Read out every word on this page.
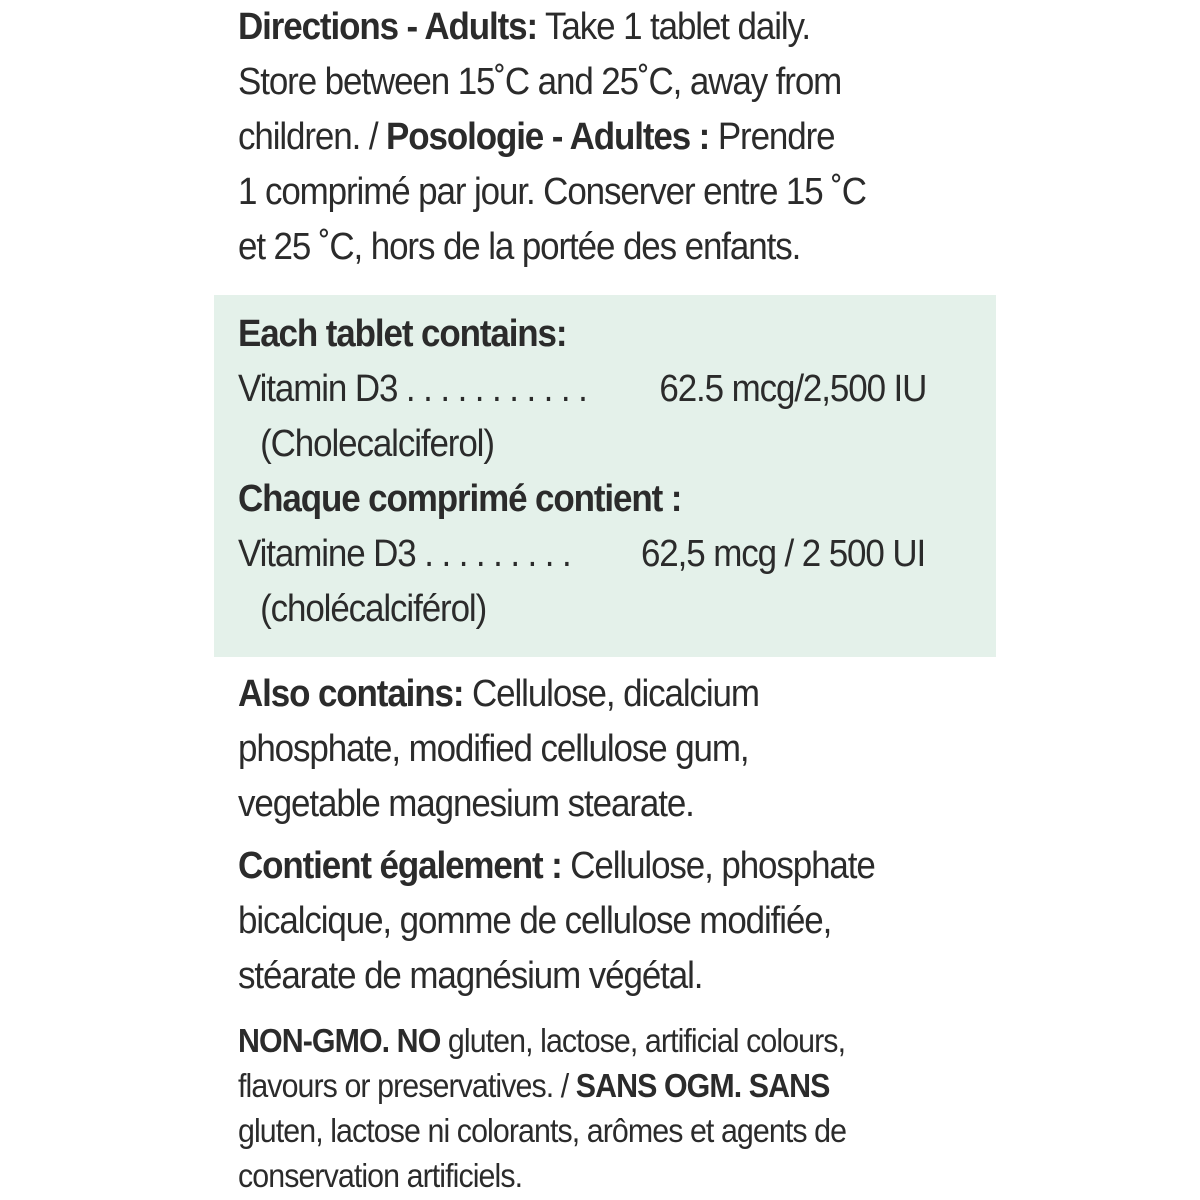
Directions - Adults: Take 1 tablet daily.
Store between 15˚C and 25˚C, away from
children. / Posologie - Adultes : Prendre
1 comprimé par jour. Conserver entre 15 ˚C
et 25 ˚C, hors de la portée des enfants.
Each tablet contains:
Vitamin D3 . . . . . . . . . . . 62.5 mcg/2,500 IU
(Cholecalciferol)
Chaque comprimé contient :
Vitamine D3 . . . . . . . . . 62,5 mcg / 2 500 UI
(cholécalciférol)
Also contains: Cellulose, dicalcium
phosphate, modified cellulose gum,
vegetable magnesium stearate.
Contient également : Cellulose, phosphate
bicalcique, gomme de cellulose modifiée,
stéarate de magnésium végétal.
NON-GMO. NO gluten, lactose, artificial colours,
flavours or preservatives. / SANS OGM. SANS
gluten, lactose ni colorants, arômes et agents de
conservation artificiels.
